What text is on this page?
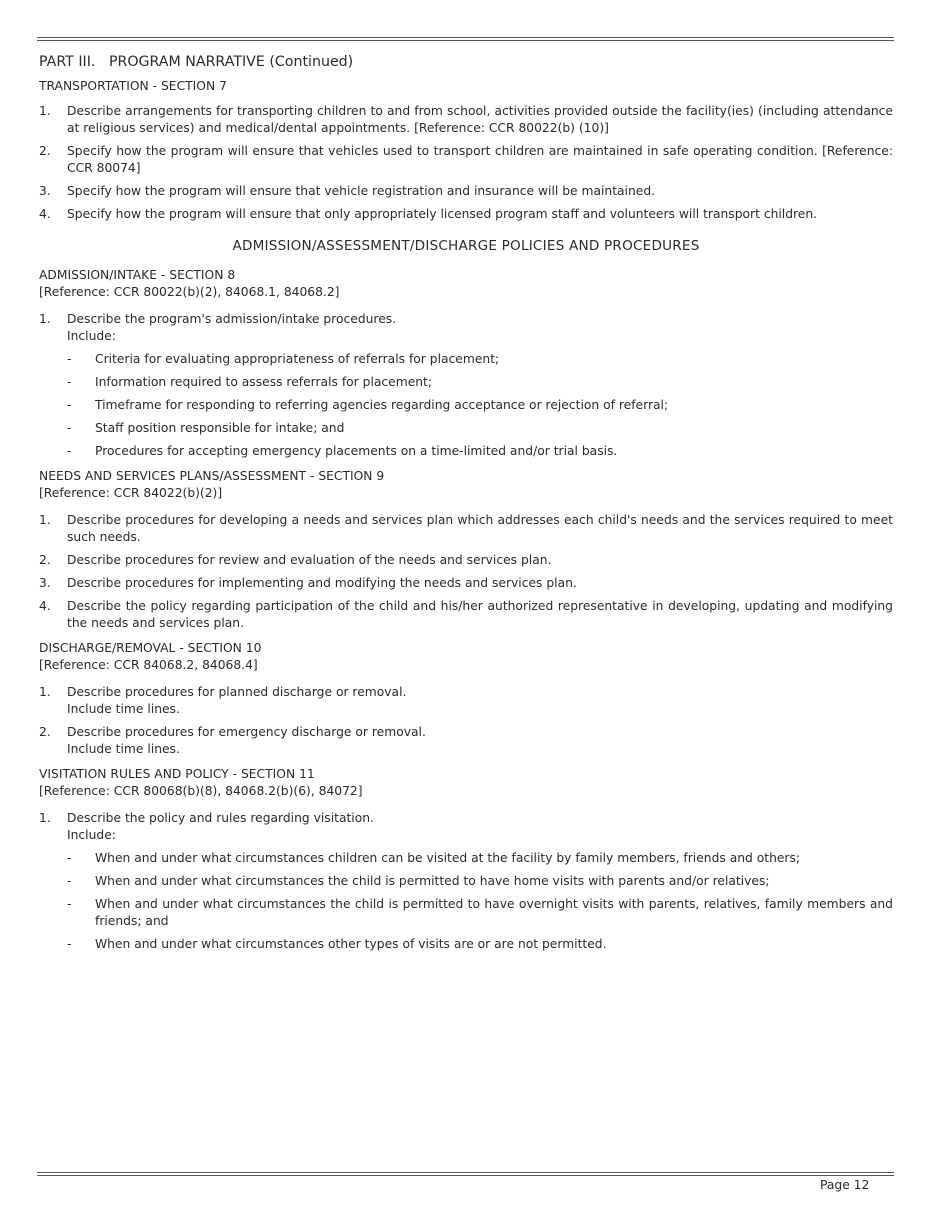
PART III.   PROGRAM NARRATIVE (Continued)
TRANSPORTATION - SECTION 7
1. Describe arrangements for transporting children to and from school, activities provided outside the facility(ies) (including attendance at religious services) and medical/dental appointments. [Reference: CCR 80022(b) (10)]
2. Specify how the program will ensure that vehicles used to transport children are maintained in safe operating condition. [Reference: CCR 80074]
3. Specify how the program will ensure that vehicle registration and insurance will be maintained.
4. Specify how the program will ensure that only appropriately licensed program staff and volunteers will transport children.
ADMISSION/ASSESSMENT/DISCHARGE POLICIES AND PROCEDURES
ADMISSION/INTAKE - SECTION 8
[Reference: CCR 80022(b)(2), 84068.1, 84068.2]
1. Describe the program's admission/intake procedures.
Include:
- Criteria for evaluating appropriateness of referrals for placement;
- Information required to assess referrals for placement;
- Timeframe for responding to referring agencies regarding acceptance or rejection of referral;
- Staff position responsible for intake; and
- Procedures for accepting emergency placements on a time-limited and/or trial basis.
NEEDS AND SERVICES PLANS/ASSESSMENT - SECTION 9
[Reference: CCR 84022(b)(2)]
1. Describe procedures for developing a needs and services plan which addresses each child's needs and the services required to meet such needs.
2. Describe procedures for review and evaluation of the needs and services plan.
3. Describe procedures for implementing and modifying the needs and services plan.
4. Describe the policy regarding participation of the child and his/her authorized representative in developing, updating and modifying the needs and services plan.
DISCHARGE/REMOVAL - SECTION 10
[Reference: CCR 84068.2, 84068.4]
1. Describe procedures for planned discharge or removal.
Include time lines.
2. Describe procedures for emergency discharge or removal.
Include time lines.
VISITATION RULES AND POLICY - SECTION 11
[Reference: CCR 80068(b)(8), 84068.2(b)(6), 84072]
1. Describe the policy and rules regarding visitation.
Include:
- When and under what circumstances children can be visited at the facility by family members, friends and others;
- When and under what circumstances the child is permitted to have home visits with parents and/or relatives;
- When and under what circumstances the child is permitted to have overnight visits with parents, relatives, family members and friends; and
- When and under what circumstances other types of visits are or are not permitted.
Page 12
